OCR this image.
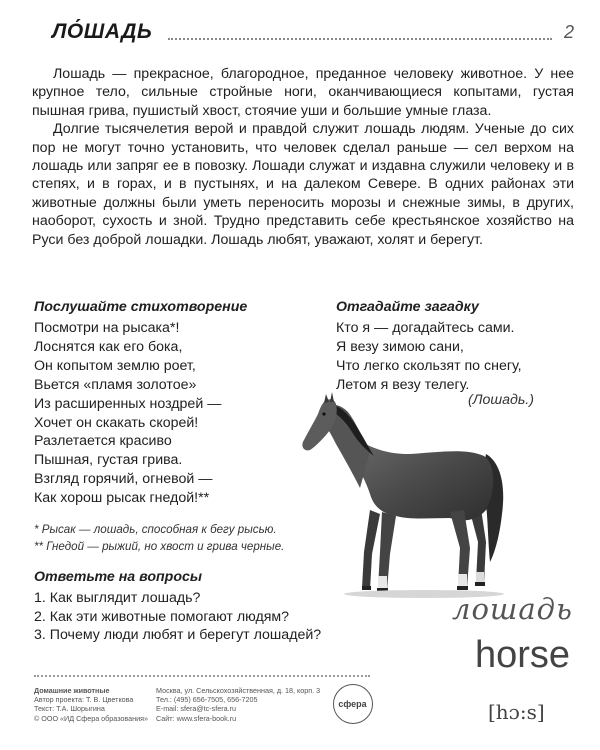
ЛО́ШАДЬ	2

Лошадь — прекрасное, благородное, преданное человеку животное. У нее крупное тело, сильные стройные ноги, оканчивающиеся копытами, густая пышная грива, пушистый хвост, стоячие уши и большие умные глаза.

Долгие тысячелетия верой и правдой служит лошадь людям. Ученые до сих пор не могут точно установить, что человек сделал раньше — сел верхом на лошадь или запряг ее в повозку. Лошади служат и издавна служили человеку и в степях, и в горах, и в пустынях, и на далеком Севере. В одних районах эти животные должны были уметь переносить морозы и снежные зимы, в других, наоборот, сухость и зной. Трудно представить себе крестьянское хозяйство на Руси без доброй лошадки. Лошадь любят, уважают, холят и берегут.

Послушайте стихотворение
Посмотри на рысака*!
Лоснятся как его бока,
Он копытом землю роет,
Вьется «пламя золотое»
Из расширенных ноздрей —
Хочет он скакать скорей!
Разлетается красиво
Пышная, густая грива.
Взгляд горячий, огневой —
Как хорош рысак гнедой!**
Отгадайте загадку
Кто я — догадайтесь сами.
Я везу зимою сани,
Что легко скользят по снегу,
Летом я везу телегу.
(Лошадь.)
* Рысак — лошадь, способная к бегу рысью.
** Гнедой — рыжий, но хвост и грива черные.
Ответьте на вопросы
1. Как выглядит лошадь?
2. Как эти животные помогают людям?
3. Почему люди любят и берегут лошадей?
лошадь
horse
[hɔ:s]
Домашние животные
Автор проекта: Т. В. Цветкова
Текст: Т.А. Шорыгина
© ООО «ИД Сфера образования»
Москва, ул. Сельскохозяйственная, д. 18, корп. 3
Тел.: (495) 656-7505, 656-7205
E-mail: sfera@tc-sfera.ru
Сайт: www.sfera-book.ru
сфера
